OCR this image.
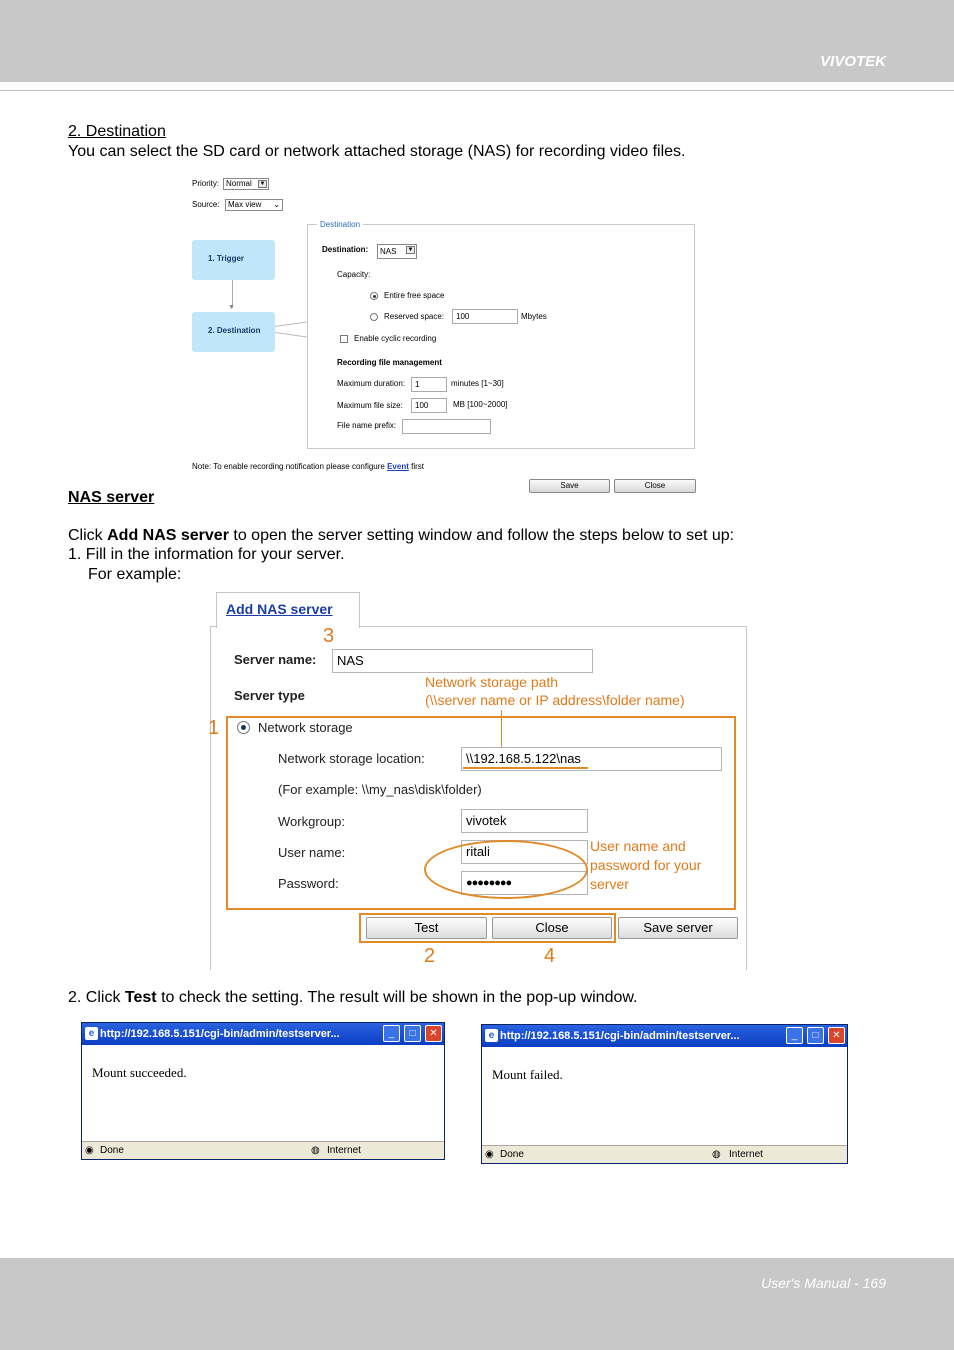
VIVOTEK
2. Destination
You can select the SD card or network attached storage (NAS) for recording video files.
Priority: Normal ▼
Source:	Max view ⌄
1. Trigger
▼
2. Destination
Destination
Destination:	NAS ▼
Capacity:
Entire free space
Reserved space:	100	Mbytes
Enable cyclic recording
Recording file management
Maximum duration:	1	minutes [1~30]
Maximum file size:	100	MB [100~2000]
File name prefix:
Note: To enable recording notification please configure Event first
Save	Close
NAS server
Click Add NAS server to open the server setting window and follow the steps below to set up:
1. Fill in the information for your server.
For example:
Add NAS server
3
Server name:	NAS
Server type
Network storage path
(\\server name or IP address\folder name)
1	Network storage
Network storage location:	\\192.168.5.122\nas
(For example: \\my_nas\disk\folder)
Workgroup:	vivotek
User name:	ritali
Password:	●●●●●●●●
User name and
password for your
server
Test	Close	Save server
2	4
2. Click Test to check the setting. The result will be shown in the pop-up window.
e http://192.168.5.151/cgi-bin/admin/testserver...	_	□	✕
Mount succeeded.
◉ Done	◍ Internet
e http://192.168.5.151/cgi-bin/admin/testserver...	_	□	✕
Mount failed.
◉ Done	◍ Internet
User's Manual - 169
